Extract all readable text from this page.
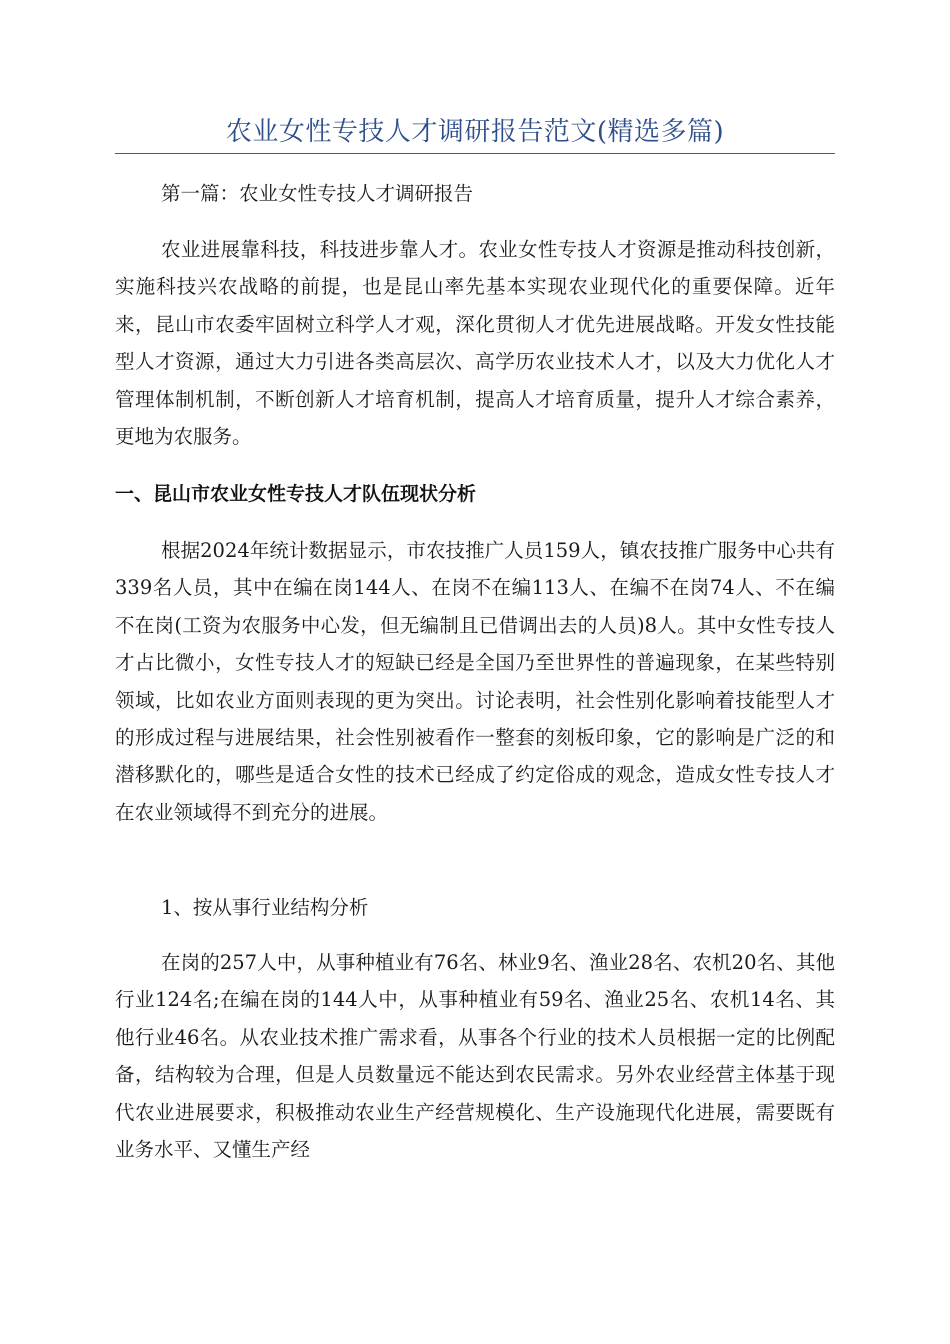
农业女性专技人才调研报告范文(精选多篇)
第一篇：农业女性专技人才调研报告
农业进展靠科技，科技进步靠人才。农业女性专技人才资源是推动科技创新，实施科技兴农战略的前提，也是昆山率先基本实现农业现代化的重要保障。近年来，昆山市农委牢固树立科学人才观，深化贯彻人才优先进展战略。开发女性技能型人才资源，通过大力引进各类高层次、高学历农业技术人才，以及大力优化人才管理体制机制，不断创新人才培育机制，提高人才培育质量，提升人才综合素养，更地为农服务。
一、昆山市农业女性专技人才队伍现状分析
根据2024年统计数据显示，市农技推广人员159人，镇农技推广服务中心共有339名人员，其中在编在岗144人、在岗不在编113人、在编不在岗74人、不在编不在岗(工资为农服务中心发，但无编制且已借调出去的人员)8人。其中女性专技人才占比微小，女性专技人才的短缺已经是全国乃至世界性的普遍现象，在某些特别领域，比如农业方面则表现的更为突出。讨论表明，社会性别化影响着技能型人才的形成过程与进展结果，社会性别被看作一整套的刻板印象，它的影响是广泛的和潜移默化的，哪些是适合女性的技术已经成了约定俗成的观念，造成女性专技人才在农业领域得不到充分的进展。
1、按从事行业结构分析
在岗的257人中，从事种植业有76名、林业9名、渔业28名、农机20名、其他行业124名;在编在岗的144人中，从事种植业有59名、渔业25名、农机14名、其他行业46名。从农业技术推广需求看，从事各个行业的技术人员根据一定的比例配备，结构较为合理，但是人员数量远不能达到农民需求。另外农业经营主体基于现代农业进展要求，积极推动农业生产经营规模化、生产设施现代化进展，需要既有业务水平、又懂生产经
